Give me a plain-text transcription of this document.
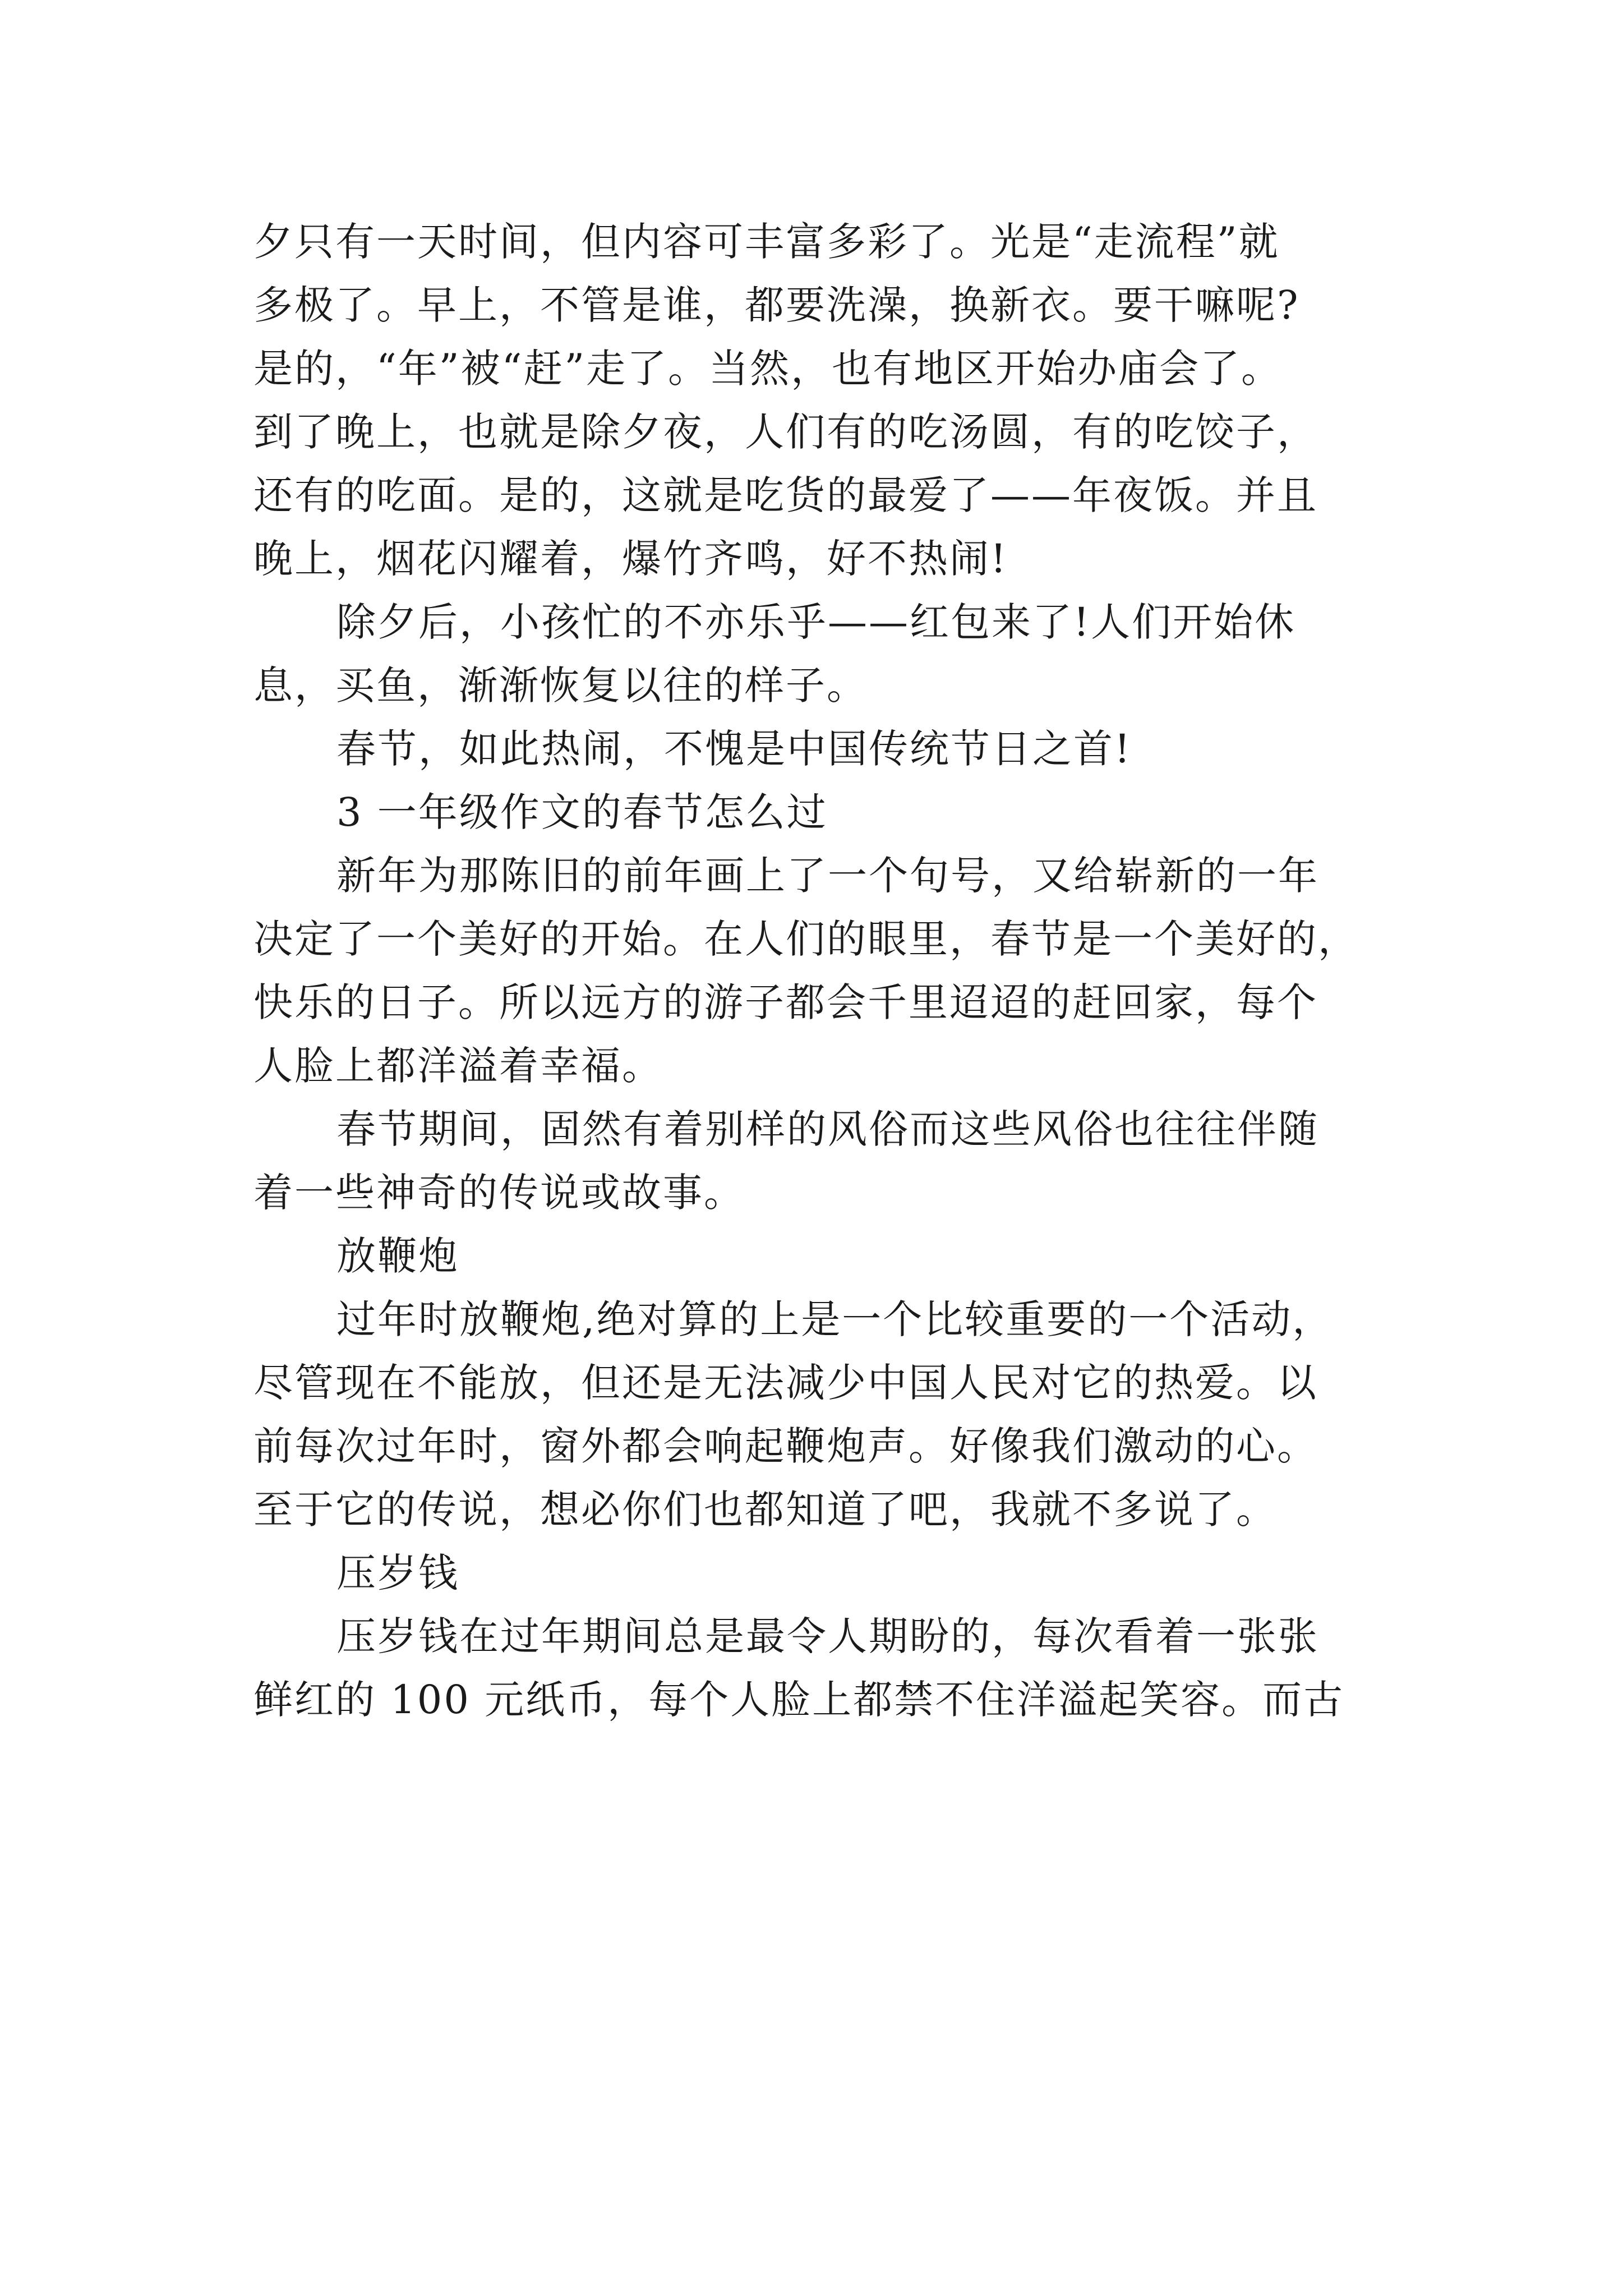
夕只有一天时间，但内容可丰富多彩了。光是“走流程”就
多极了。早上，不管是谁，都要洗澡，换新衣。要干嘛呢?
是的，“年”被“赶”走了。当然，也有地区开始办庙会了。
到了晚上，也就是除夕夜，人们有的吃汤圆，有的吃饺子，
还有的吃面。是的，这就是吃货的最爱了——年夜饭。并且
晚上，烟花闪耀着，爆竹齐鸣，好不热闹!
除夕后，小孩忙的不亦乐乎——红包来了!人们开始休
息，买鱼，渐渐恢复以往的样子。
春节，如此热闹，不愧是中国传统节日之首!
3 一年级作文的春节怎么过
新年为那陈旧的前年画上了一个句号，又给崭新的一年
决定了一个美好的开始。在人们的眼里，春节是一个美好的，
快乐的日子。所以远方的游子都会千里迢迢的赶回家，每个
人脸上都洋溢着幸福。
春节期间，固然有着别样的风俗而这些风俗也往往伴随
着一些神奇的传说或故事。
放鞭炮
过年时放鞭炮,绝对算的上是一个比较重要的一个活动，
尽管现在不能放，但还是无法减少中国人民对它的热爱。以
前每次过年时，窗外都会响起鞭炮声。好像我们激动的心。
至于它的传说，想必你们也都知道了吧，我就不多说了。
压岁钱
压岁钱在过年期间总是最令人期盼的，每次看着一张张
鲜红的 100 元纸币，每个人脸上都禁不住洋溢起笑容。而古
